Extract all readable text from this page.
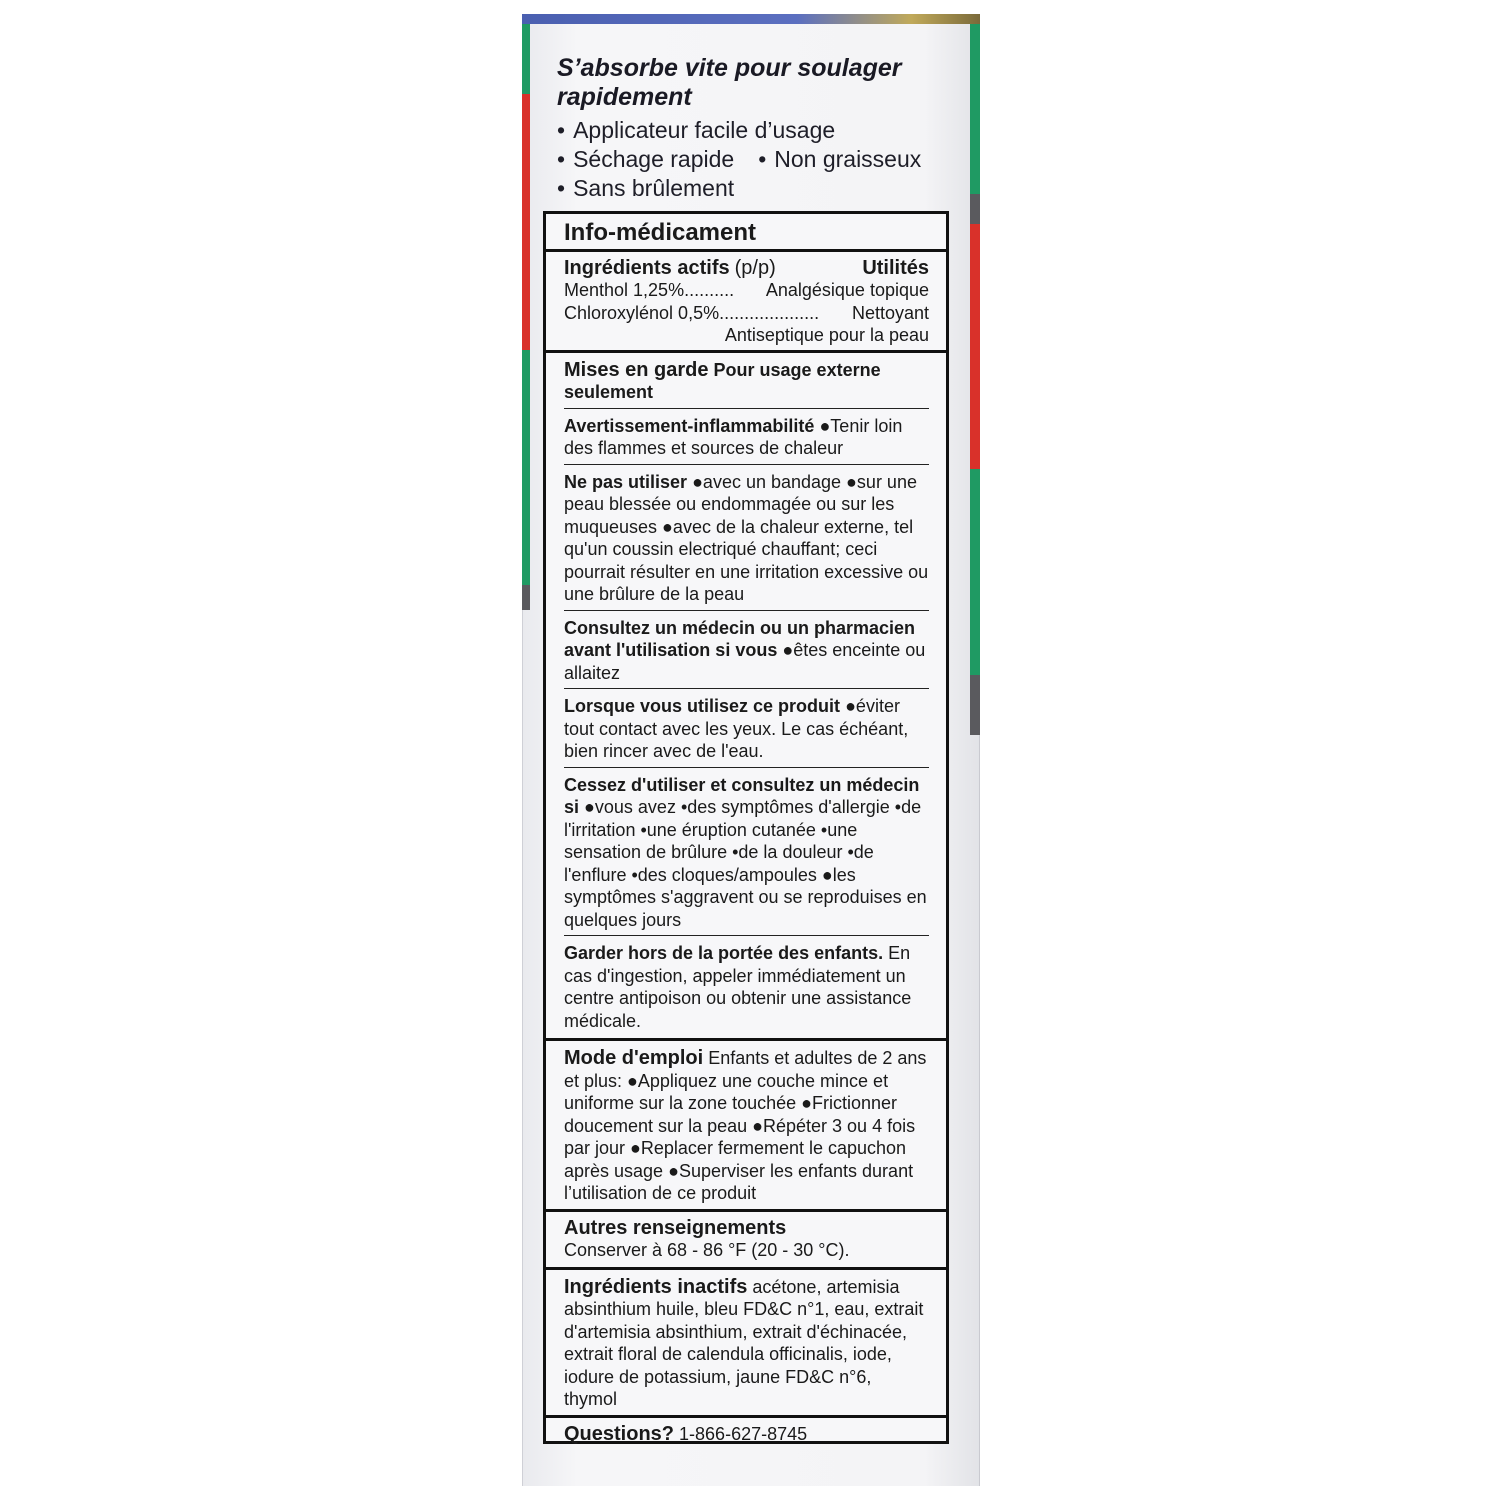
S’absorbe vite pour soulager rapidement
• Applicateur facile d’usage
• Séchage rapide • Non graisseux
• Sans brûlement
Info-médicament
Ingrédients actifs (p/p)	Utilités
Menthol 1,25%.......... Analgésique topique
Chloroxylénol 0,5%.................... Nettoyant
Antiseptique pour la peau

Mises en garde Pour usage externe seulement

Avertissement-inflammabilité ●Tenir loin des flammes et sources de chaleur

Ne pas utiliser ●avec un bandage ●sur une peau blessée ou endommagée ou sur les muqueuses ●avec de la chaleur externe, tel qu'un coussin electriqué chauffant; ceci pourrait résulter en une irritation excessive ou une brûlure de la peau

Consultez un médecin ou un pharmacien avant l'utilisation si vous ●êtes enceinte ou allaitez

Lorsque vous utilisez ce produit ●éviter tout contact avec les yeux. Le cas échéant, bien rincer avec de l'eau.

Cessez d'utiliser et consultez un médecin si ●vous avez •des symptômes d'allergie •de l'irritation •une éruption cutanée •une sensation de brûlure •de la douleur •de l'enflure •des cloques/ampoules ●les symptômes s'aggravent ou se reproduises en quelques jours

Garder hors de la portée des enfants. En cas d'ingestion, appeler immédiatement un centre antipoison ou obtenir une assistance médicale.

Mode d'emploi Enfants et adultes de 2 ans et plus: ●Appliquez une couche mince et uniforme sur la zone touchée ●Frictionner doucement sur la peau ●Répéter 3 ou 4 fois par jour ●Replacer fermement le capuchon après usage ●Superviser les enfants durant l’utilisation de ce produit

Autres renseignements
Conserver à 68 - 86 °F (20 - 30 °C).

Ingrédients inactifs acétone, artemisia absinthium huile, bleu FD&C n°1, eau, extrait d'artemisia absinthium, extrait d'échinacée, extrait floral de calendula officinalis, iode, iodure de potassium, jaune FD&C n°6, thymol

Questions? 1-866-627-8745
